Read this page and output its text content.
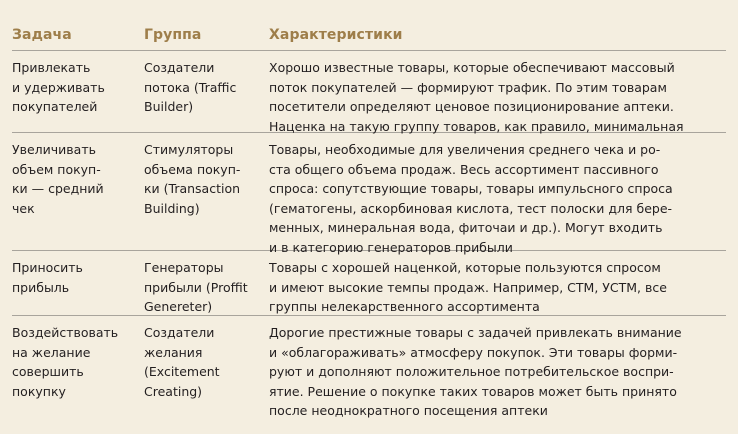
Задача	Группа	Характеристики
Привлекать
и удерживать
покупателей
Создатели
потока (Traffic
Builder)
Хорошо известные товары, которые обеспечивают массовый
поток покупателей — формируют трафик. По этим товарам
посетители определяют ценовое позиционирование аптеки.
Наценка на такую группу товаров, как правило, минимальная
Увеличивать
объем покуп-
ки — средний
чек
Стимуляторы
объема покуп-
ки (Transaction
Building)
Товары, необходимые для увеличения среднего чека и ро-
ста общего объема продаж. Весь ассортимент пассивного
спроса: сопутствующие товары, товары импульсного спроса
(гематогены, аскорбиновая кислота, тест полоски для бере-
менных, минеральная вода, фиточаи и др.). Могут входить
и в категорию генераторов прибыли
Приносить
прибыль
Генераторы
прибыли (Proffit
Genereter)
Товары с хорошей наценкой, которые пользуются спросом
и имеют высокие темпы продаж. Например, СТМ, УСТМ, все
группы нелекарственного ассортимента
Воздействовать
на желание
совершить
покупку
Создатели
желания
(Excitement
Creating)
Дорогие престижные товары с задачей привлекать внимание
и «облагораживать» атмосферу покупок. Эти товары форми-
руют и дополняют положительное потребительское воспри-
ятие. Решение о покупке таких товаров может быть принято
после неоднократного посещения аптеки
